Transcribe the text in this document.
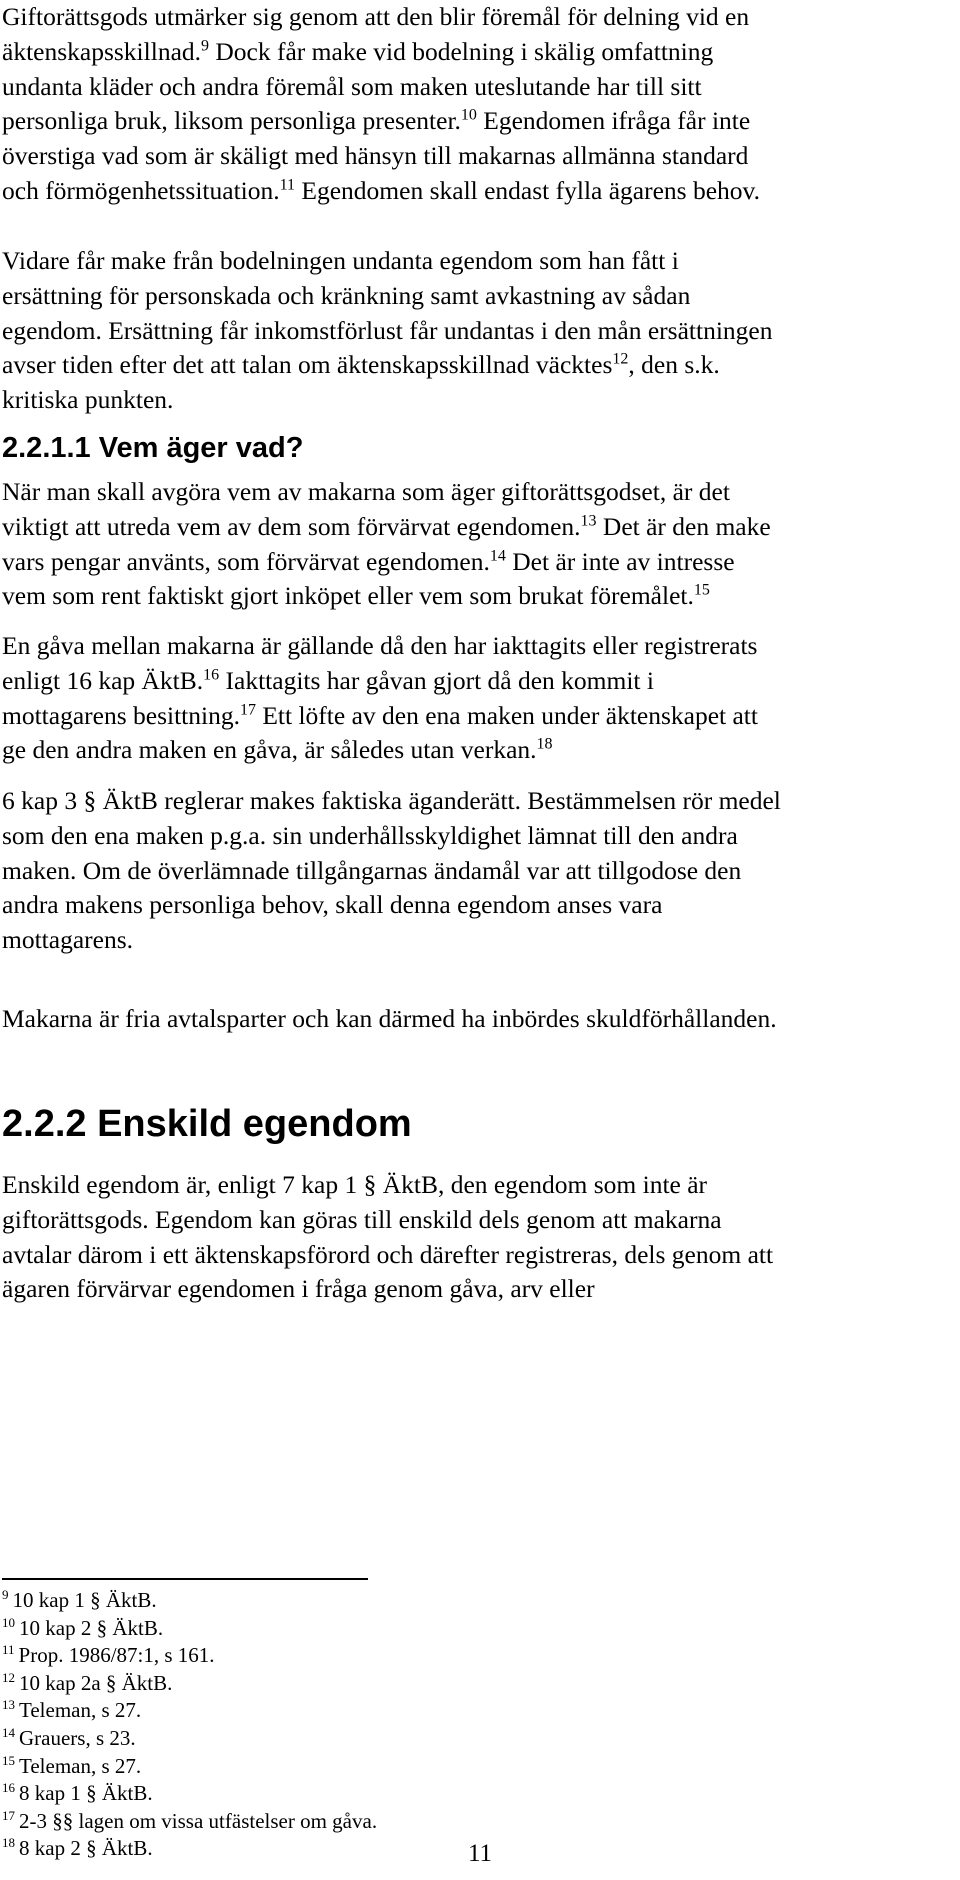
Giftorättsgods utmärker sig genom att den blir föremål för delning vid en
äktenskapsskillnad.$^9$ Dock får make vid bodelning i skälig omfattning
undanta kläder och andra föremål som maken uteslutande har till sitt
personliga bruk, liksom personliga presenter.$^{10}$ Egendomen ifråga får inte
överstiga vad som är skäligt med hänsyn till makarnas allmänna standard
och förmögenhetssituation.$^{11}$ Egendomen skall endast fylla ägarens behov.
Vidare får make från bodelningen undanta egendom som han fått i
ersättning för personskada och kränkning samt avkastning av sådan
egendom. Ersättning får inkomstförlust får undantas i den mån ersättningen
avser tiden efter det att talan om äktenskapsskillnad väcktes$^{12}$, den s.k.
kritiska punkten.
2.2.1.1 Vem äger vad?
När man skall avgöra vem av makarna som äger giftorättsgodset, är det
viktigt att utreda vem av dem som förvärvat egendomen.$^{13}$ Det är den make
vars pengar använts, som förvärvat egendomen.$^{14}$ Det är inte av intresse
vem som rent faktiskt gjort inköpet eller vem som brukat föremålet.$^{15}$
En gåva mellan makarna är gällande då den har iakttagits eller registrerats
enligt 16 kap ÄktB.$^{16}$ Iakttagits har gåvan gjort då den kommit i
mottagarens besittning.$^{17}$ Ett löfte av den ena maken under äktenskapet att
ge den andra maken en gåva, är således utan verkan.$^{18}$
6 kap 3 § ÄktB reglerar makes faktiska äganderätt. Bestämmelsen rör medel
som den ena maken p.g.a. sin underhållsskyldighet lämnat till den andra
maken. Om de överlämnade tillgångarnas ändamål var att tillgodose den
andra makens personliga behov, skall denna egendom anses vara
mottagarens.
Makarna är fria avtalsparter och kan därmed ha inbördes skuldförhållanden.
2.2.2 Enskild egendom
Enskild egendom är, enligt 7 kap 1 § ÄktB, den egendom som inte är
giftorättsgods. Egendom kan göras till enskild dels genom att makarna
avtalar därom i ett äktenskapsförord och därefter registreras, dels genom att
ägaren förvärvar egendomen i fråga genom gåva, arv eller
$^9$ 10 kap 1 § ÄktB.
$^{10}$ 10 kap 2 § ÄktB.
$^{11}$ Prop. 1986/87:1, s 161.
$^{12}$ 10 kap 2a § ÄktB.
$^{13}$ Teleman, s 27.
$^{14}$ Grauers, s 23.
$^{15}$ Teleman, s 27.
$^{16}$ 8 kap 1 § ÄktB.
$^{17}$ 2-3 §§ lagen om vissa utfästelser om gåva.
$^{18}$ 8 kap 2 § ÄktB.	11
